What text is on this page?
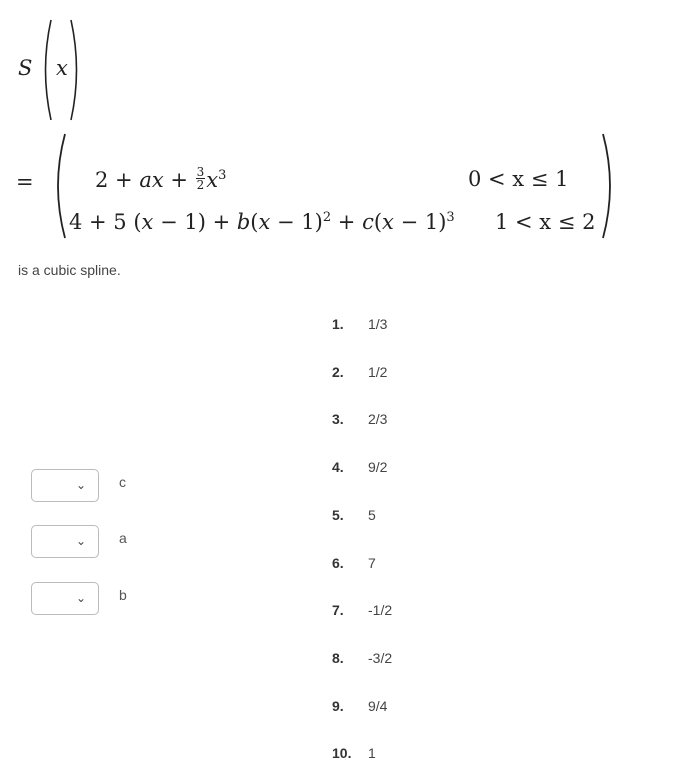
S x
=	2 + ax + $\frac{3}{2} x^3$	0 < x ≤ 1
4 + 5 $(x - 1) + b(x - 1)^2 + c(x - 1)^3$ 1 < x ≤ 2
is a cubic spline.
⌄ c
⌄ a
⌄ b
1. 1/3
2. 1/2
3. 2/3
4. 9/2
5. 5
6. 7
7. -1/2
8. -3/2
9. 9/4
10. 1
